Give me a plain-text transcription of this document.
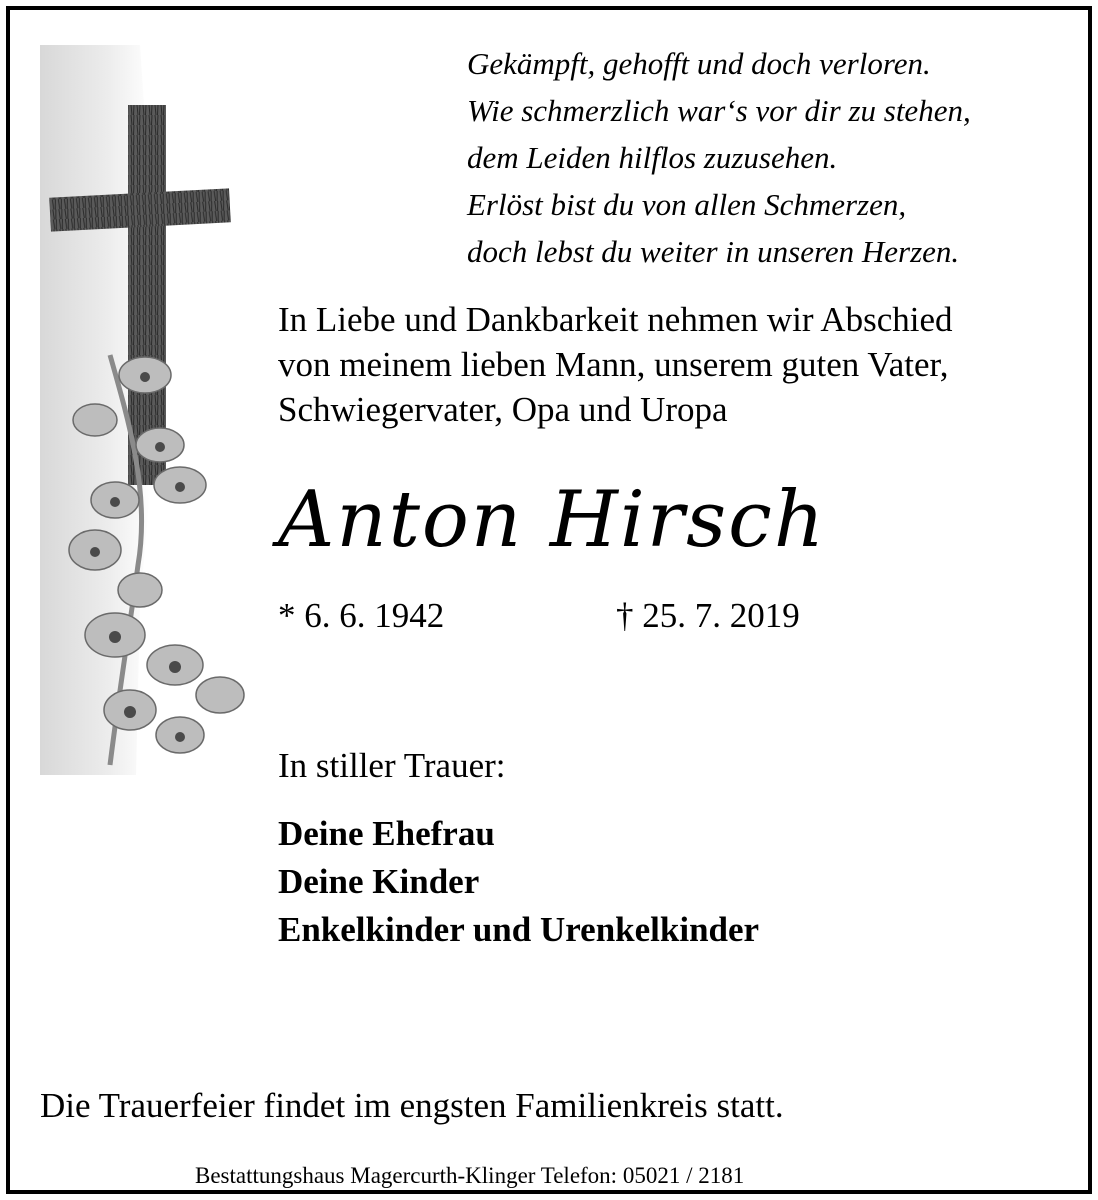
Gekämpft, gehofft und doch verloren.
Wie schmerzlich war‘s vor dir zu stehen,
dem Leiden hilflos zuzusehen.
Erlöst bist du von allen Schmerzen,
doch lebst du weiter in unseren Herzen.
In Liebe und Dankbarkeit nehmen wir Abschied
von meinem lieben Mann, unserem guten Vater,
Schwiegervater, Opa und Uropa
Anton Hirsch
* 6. 6. 1942	† 25. 7. 2019
In stiller Trauer:
Deine Ehefrau
Deine Kinder
Enkelkinder und Urenkelkinder
Die Trauerfeier findet im engsten Familienkreis statt.
Bestattungshaus Magercurth-Klinger Telefon: 05021 / 2181
